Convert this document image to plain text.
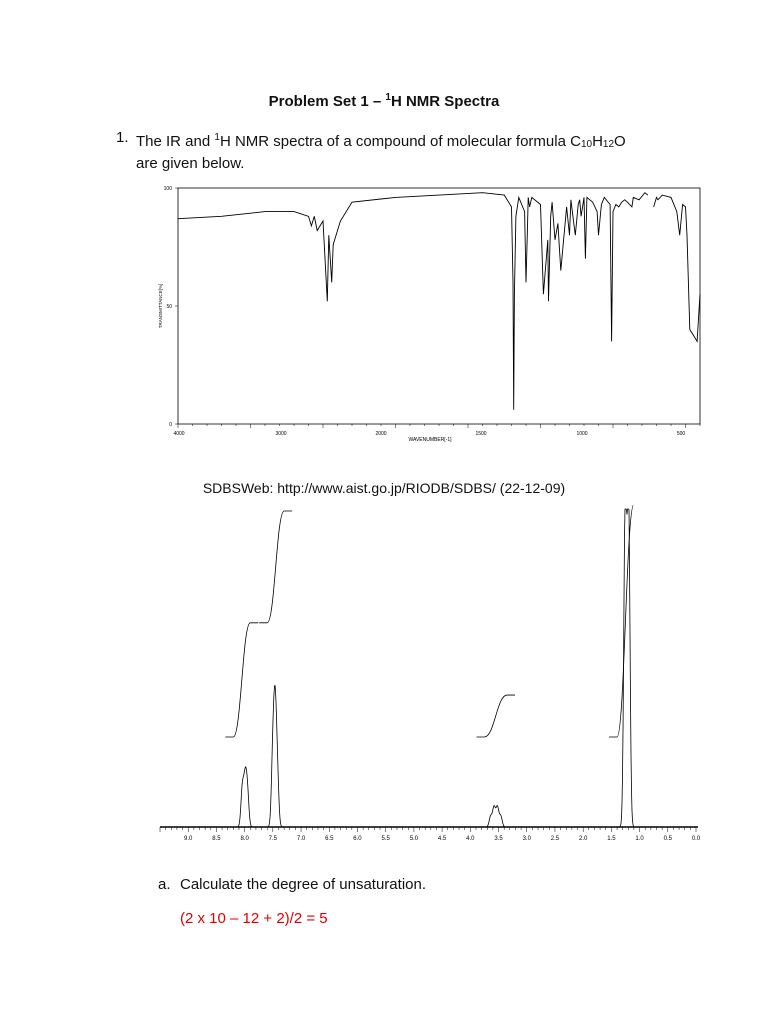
Problem Set 1 – $^1$H NMR Spectra
1. The IR and $^1$H NMR spectra of a compound of molecular formula $C_{10}H_{12}O$
are given below.
100
50
0
TRANSMITTANCE[%]
4000	3000	2000	1500	1000	500
WAVENUMBER[-1]
SDBSWeb: http://www.aist.go.jp/RIODB/SDBS/ (22-12-09)
9.0	8.5	8.0	7.5	7.0	6.5	6.0	5.5	5.0	4.5	4.0	3.5	3.0	2.5	2.0	1.5	1.0	0.5	0.0
a. Calculate the degree of unsaturation.
(2 x 10 – 12 + 2)/2 = 5
